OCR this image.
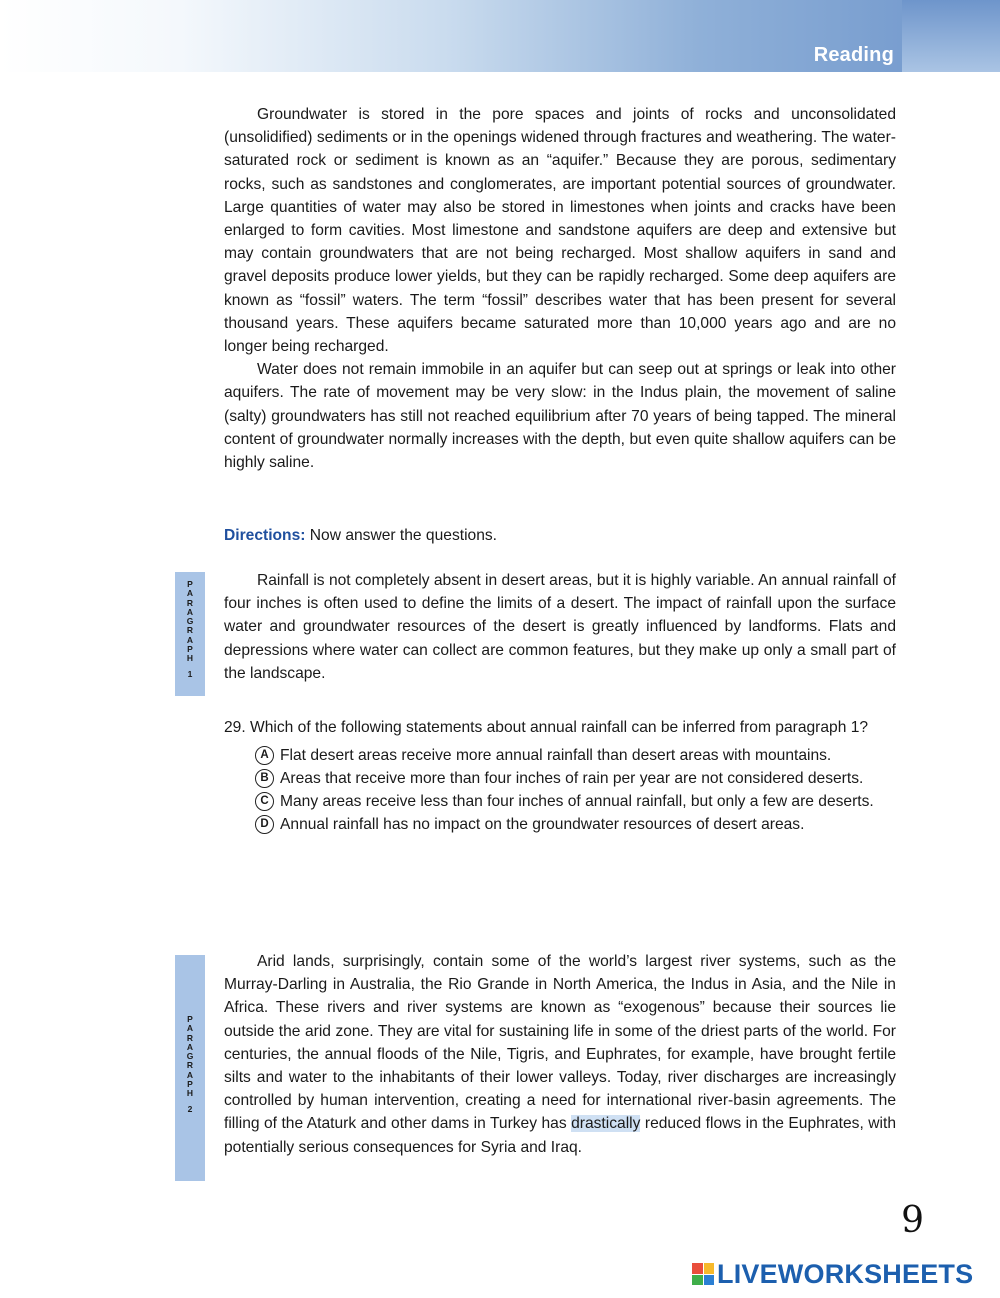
Reading

Groundwater is stored in the pore spaces and joints of rocks and unconsolidated (unsolidified) sediments or in the openings widened through fractures and weathering. The water-saturated rock or sediment is known as an “aquifer.” Because they are porous, sedimentary rocks, such as sandstones and conglomerates, are important potential sources of groundwater. Large quantities of water may also be stored in limestones when joints and cracks have been enlarged to form cavities. Most limestone and sandstone aquifers are deep and extensive but may contain groundwaters that are not being recharged. Most shallow aquifers in sand and gravel deposits produce lower yields, but they can be rapidly recharged. Some deep aquifers are known as “fossil” waters. The term “fossil” describes water that has been present for several thousand years. These aquifers became saturated more than 10,000 years ago and are no longer being recharged.

Water does not remain immobile in an aquifer but can seep out at springs or leak into other aquifers. The rate of movement may be very slow: in the Indus plain, the movement of saline (salty) groundwaters has still not reached equilibrium after 70 years of being tapped. The mineral content of groundwater normally increases with the depth, but even quite shallow aquifers can be highly saline.

Directions: Now answer the questions.
P
A
R
A
G
R
A
P
H
1

Rainfall is not completely absent in desert areas, but it is highly variable. An annual rainfall of four inches is often used to define the limits of a desert. The impact of rainfall upon the surface water and groundwater resources of the desert is greatly influenced by landforms. Flats and depressions where water can collect are common features, but they make up only a small part of the landscape.

29. Which of the following statements about annual rainfall can be inferred from paragraph 1?

A Flat desert areas receive more annual rainfall than desert areas with mountains.
B Areas that receive more than four inches of rain per year are not considered deserts.
C Many areas receive less than four inches of annual rainfall, but only a few are deserts.
D Annual rainfall has no impact on the groundwater resources of desert areas.
P
A
R
A
G
R
A
P
H
2

Arid lands, surprisingly, contain some of the world’s largest river systems, such as the Murray-Darling in Australia, the Rio Grande in North America, the Indus in Asia, and the Nile in Africa. These rivers and river systems are known as “exogenous” because their sources lie outside the arid zone. They are vital for sustaining life in some of the driest parts of the world. For centuries, the annual floods of the Nile, Tigris, and Euphrates, for example, have brought fertile silts and water to the inhabitants of their lower valleys. Today, river discharges are increasingly controlled by human intervention, creating a need for international river-basin agreements. The filling of the Ataturk and other dams in Turkey has drastically reduced flows in the Euphrates, with potentially serious consequences for Syria and Iraq.

9
LIVEWORKSHEETS
